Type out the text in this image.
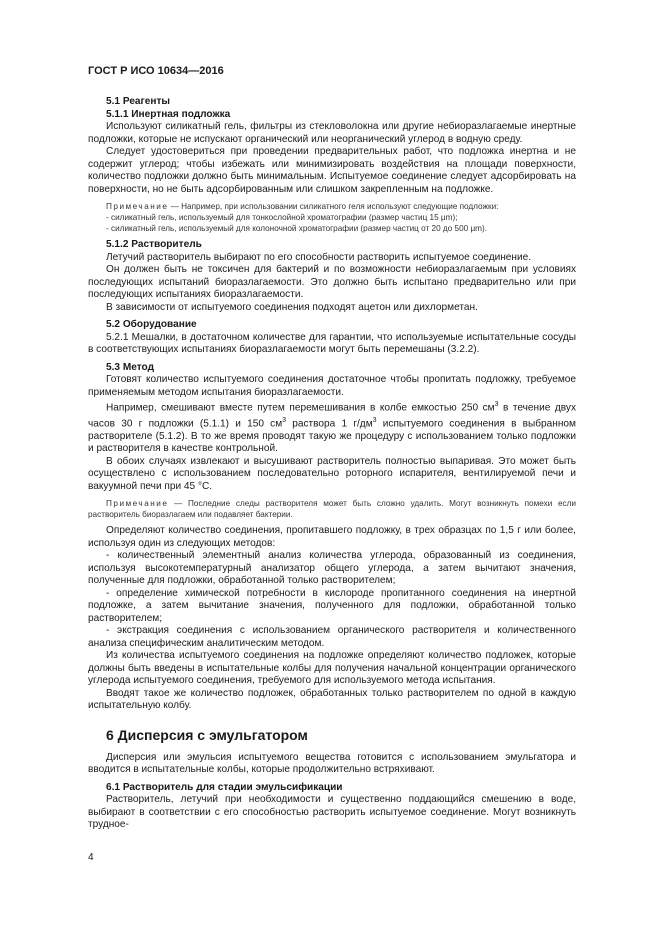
ГОСТ Р ИСО 10634—2016
5.1 Реагенты
5.1.1 Инертная подложка

Используют силикатный гель, фильтры из стекловолокна или другие небиоразлагаемые инертные подложки, которые не испускают органический или неорганический углерод в водную среду.

Следует удостовериться при проведении предварительных работ, что подложка инертна и не содержит углерод; чтобы избежать или минимизировать воздействия на площади поверхности, количество подложки должно быть минимальным. Испытуемое соединение следует адсорбировать на поверхности, но не быть адсорбированным или слишком закрепленным на подложке.

Примечание — Например, при использовании силикатного геля используют следующие подложки:

- силикатный гель, используемый для тонкослойной хроматографии (размер частиц 15 μm);

- силикатный гель, используемый для колоночной хроматографии (размер частиц от 20 до 500 μm).

5.1.2 Растворитель

Летучий растворитель выбирают по его способности растворить испытуемое соединение.

Он должен быть не токсичен для бактерий и по возможности небиоразлагаемым при условиях последующих испытаний биоразлагаемости. Это должно быть испытано предварительно или при последующих испытаниях биоразлагаемости.

В зависимости от испытуемого соединения подходят ацетон или дихлорметан.

5.2 Оборудование

5.2.1 Мешалки, в достаточном количестве для гарантии, что используемые испытательные сосуды в соответствующих испытаниях биоразлагаемости могут быть перемешаны (3.2.2).

5.3 Метод

Готовят количество испытуемого соединения достаточное чтобы пропитать подложку, требуемое применяемым методом испытания биоразлагаемости.

Например, смешивают вместе путем перемешивания в колбе емкостью 250 $см^3$ в течение двух часов 30 г подложки (5.1.1) и 150 $см^3$ раствора 1 $г/дм^3$ испытуемого соединения в выбранном растворителе (5.1.2). В то же время проводят такую же процедуру с использованием только подложки и растворителя в качестве контрольной.

В обоих случаях извлекают и высушивают растворитель полностью выпаривая. Это может быть осуществлено с использованием последовательно роторного испарителя, вентилируемой печи и вакуумной печи при 45 °С.

Примечание — Последние следы растворителя может быть сложно удалить. Могут возникнуть помехи если растворитель биоразлагаем или подавляет бактерии.

Определяют количество соединения, пропитавшего подложку, в трех образцах по 1,5 г или более, используя один из следующих методов:

- количественный элементный анализ количества углерода, образованный из соединения, используя высокотемпературный анализатор общего углерода, а затем вычитают значения, полученные для подложки, обработанной только растворителем;

- определение химической потребности в кислороде пропитанного соединения на инертной подложке, а затем вычитание значения, полученного для подложки, обработанной только растворителем;

- экстракция соединения с использованием органического растворителя и количественного анализа специфическим аналитическим методом.

Из количества испытуемого соединения на подложке определяют количество подложек, которые должны быть введены в испытательные колбы для получения начальной концентрации органического углерода испытуемого соединения, требуемого для используемого метода испытания.

Вводят такое же количество подложек, обработанных только растворителем по одной в каждую испытательную колбу.

6 Дисперсия с эмульгатором

Дисперсия или эмульсия испытуемого вещества готовится с использованием эмульгатора и вводится в испытательные колбы, которые продолжительно встряхивают.

6.1 Растворитель для стадии эмульсификации

Растворитель, летучий при необходимости и существенно поддающийся смешению в воде, выбирают в соответствии с его способностью растворить испытуемое соединение. Могут возникнуть трудное-

4
